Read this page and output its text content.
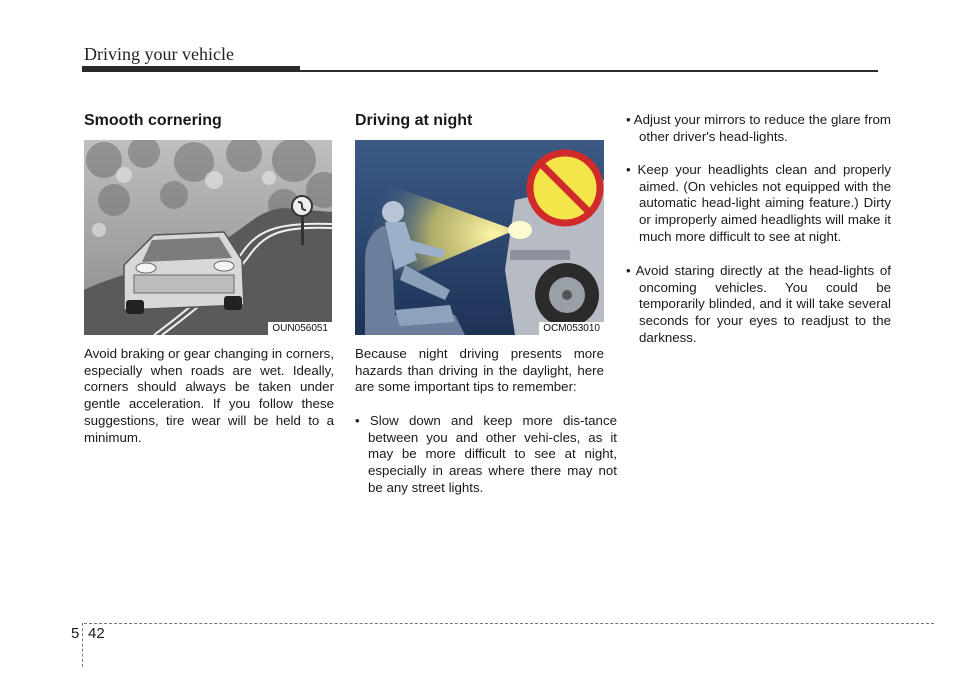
Driving your vehicle
Smooth cornering
OUN056051

Avoid braking or gear changing in corners, especially when roads are wet. Ideally, corners should always be taken under gentle acceleration. If you follow these suggestions, tire wear will be held to a minimum.

Driving at night
OCM053010

Because night driving presents more hazards than driving in the daylight, here are some important tips to remember:

• Slow down and keep more dis-tance between you and other vehi-cles, as it may be more difficult to see at night, especially in areas where there may not be any street lights.

• Adjust your mirrors to reduce the glare from other driver's head-lights.

• Keep your headlights clean and properly aimed. (On vehicles not equipped with the automatic head-light aiming feature.) Dirty or improperly aimed headlights will make it much more difficult to see at night.

• Avoid staring directly at the head-lights of oncoming vehicles. You could be temporarily blinded, and it will take several seconds for your eyes to readjust to the darkness.

5 42
